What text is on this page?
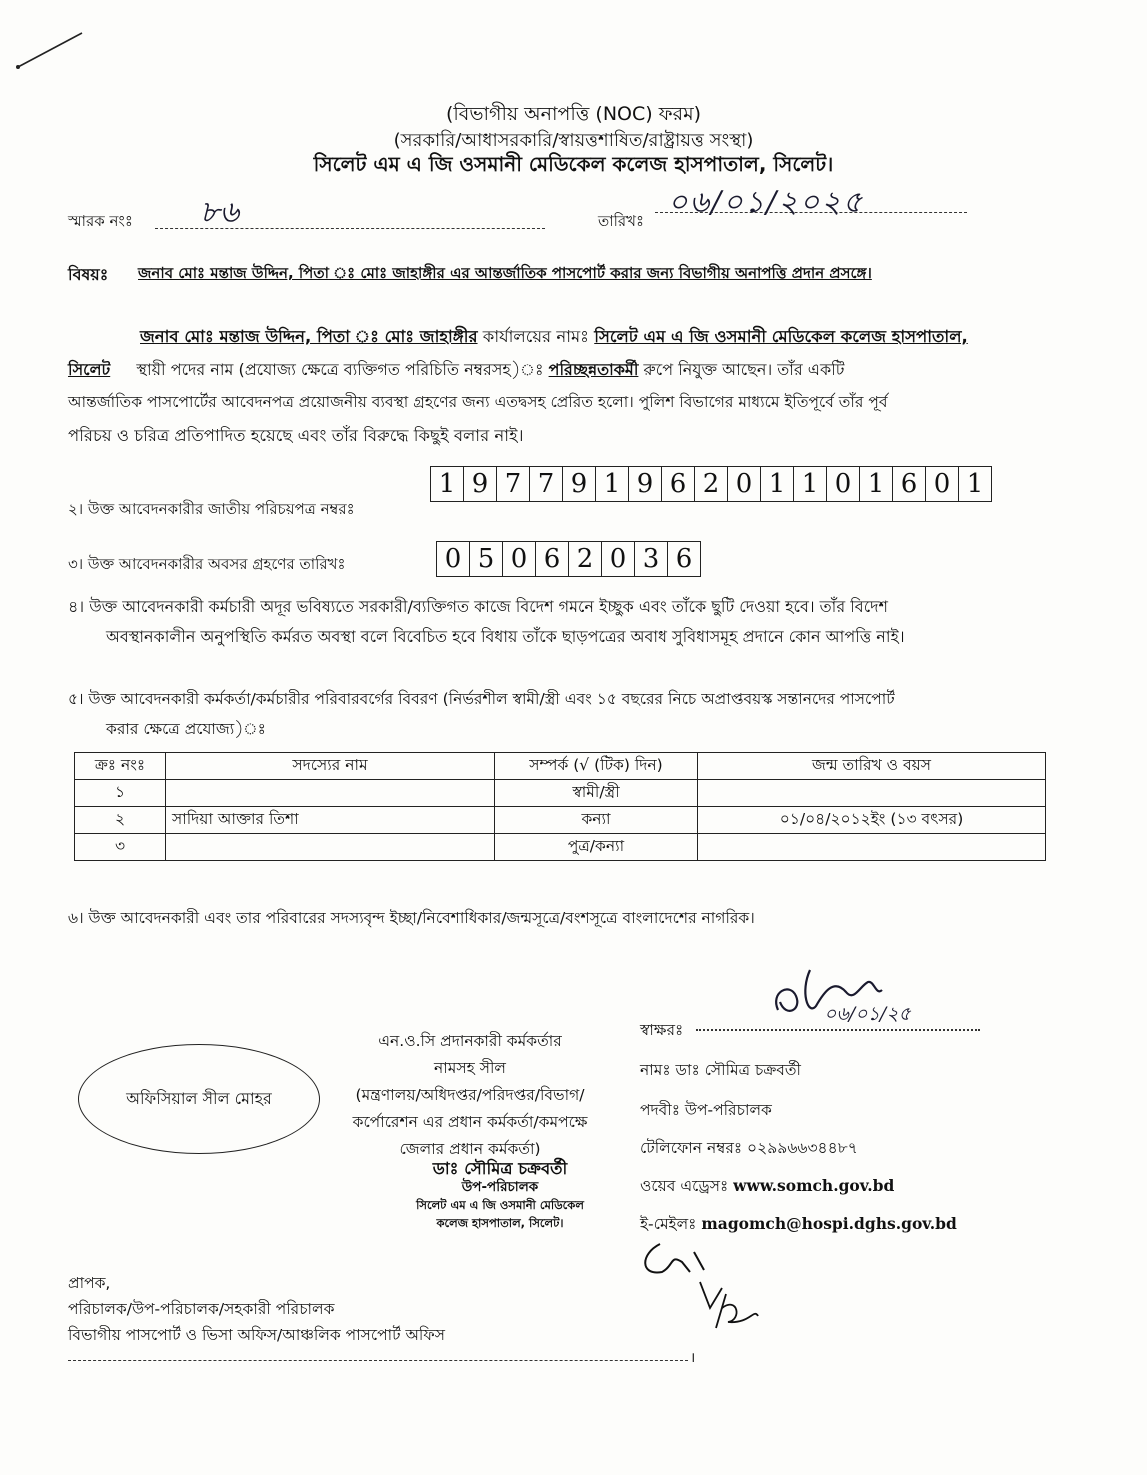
(বিভাগীয় অনাপত্তি (NOC) ফরম)
(সরকারি/আধাসরকারি/স্বায়ত্তশাষিত/রাষ্ট্রায়ত্ত সংস্থা)
সিলেট এম এ জি ওসমানী মেডিকেল কলেজ হাসপাতাল, সিলেট।
স্মারক নংঃ ৮৬	তারিখঃ
০৬/০১/২০২৫
বিষয়ঃ জনাব মোঃ মন্তাজ উদ্দিন, পিতা ঃ মোঃ জাহাঙ্গীর এর আন্তর্জাতিক পাসপোর্ট করার জন্য বিভাগীয় অনাপত্তি প্রদান প্রসঙ্গে।
জনাব মোঃ মন্তাজ উদ্দিন, পিতা ঃ মোঃ জাহাঙ্গীর কার্যালয়ের নামঃ সিলেট এম এ জি ওসমানী মেডিকেল কলেজ হাসপাতাল,
সিলেট স্থায়ী পদের নাম (প্রযোজ্য ক্ষেত্রে ব্যক্তিগত পরিচিতি নম্বরসহ)ঃ পরিচ্ছন্নতাকর্মী রুপে নিযুক্ত আছেন। তাঁর একটি
আন্তর্জাতিক পাসপোর্টের আবেদনপত্র প্রয়োজনীয় ব্যবস্থা গ্রহণের জন্য এতদ্বসহ প্রেরিত হলো। পুলিশ বিভাগের মাধ্যমে ইতিপূর্বে তাঁর পূর্ব
পরিচয় ও চরিত্র প্রতিপাদিত হয়েছে এবং তাঁর বিরুদ্ধে কিছুই বলার নাই।
২। উক্ত আবেদনকারীর জাতীয় পরিচয়পত্র নম্বরঃ
1 9 7 7 9 1 9 6 2 0 1 1 0 1 6 0 1
৩। উক্ত আবেদনকারীর অবসর গ্রহণের তারিখঃ	0 5 0 6 2 0 3 6
৪। উক্ত আবেদনকারী কর্মচারী অদূর ভবিষ্যতে সরকারী/ব্যক্তিগত কাজে বিদেশ গমনে ইচ্ছুক এবং তাঁকে ছুটি দেওয়া হবে। তাঁর বিদেশ
অবস্থানকালীন অনুপস্থিতি কর্মরত অবস্থা বলে বিবেচিত হবে বিধায় তাঁকে ছাড়পত্রের অবাধ সুবিধাসমূহ প্রদানে কোন আপত্তি নাই।
৫। উক্ত আবেদনকারী কর্মকর্তা/কর্মচারীর পরিবারবর্গের বিবরণ (নির্ভরশীল স্বামী/স্ত্রী এবং ১৫ বছরের নিচে অপ্রাপ্তবয়স্ক সন্তানদের পাসপোর্ট
করার ক্ষেত্রে প্রযোজ্য)ঃ
ক্রঃ নংঃ	সদস্যের নাম	সম্পর্ক (√ (টিক) দিন)	জন্ম তারিখ ও বয়স
১		স্বামী/স্ত্রী	
২	সাদিয়া আক্তার তিশা	কন্যা	০১/০৪/২০১২ইং (১৩ বৎসর)
৩		পুত্র/কন্যা	
৬। উক্ত আবেদনকারী এবং তার পরিবারের সদস্যবৃন্দ ইচ্ছা/নিবেশাধিকার/জন্মসূত্রে/বংশসূত্রে বাংলাদেশের নাগরিক।
অফিসিয়াল সীল মোহর
এন.ও.সি প্রদানকারী কর্মকর্তার
নামসহ সীল
(মন্ত্রণালয়/অধিদপ্তর/পরিদপ্তর/বিভাগ/
কর্পোরেশন এর প্রধান কর্মকর্তা/কমপক্ষে
জেলার প্রধান কর্মকর্তা)
ডাঃ সৌমিত্র চক্রবর্তী
উপ-পরিচালক
সিলেট এম এ জি ওসমানী মেডিকেল
কলেজ হাসপাতাল, সিলেট।
স্বাক্ষরঃ
০৬/০১/২৫
নামঃ ডাঃ সৌমিত্র চক্রবর্তী
পদবীঃ উপ-পরিচালক
টেলিফোন নম্বরঃ ০২৯৯৬৬৩৪৪৮৭
ওয়েব এড্রেসঃ www.somch.gov.bd
ই-মেইলঃ magomch@hospi.dghs.gov.bd
প্রাপক,
পরিচালক/উপ-পরিচালক/সহকারী পরিচালক
বিভাগীয় পাসপোর্ট ও ভিসা অফিস/আঞ্চলিক পাসপোর্ট অফিস
।
